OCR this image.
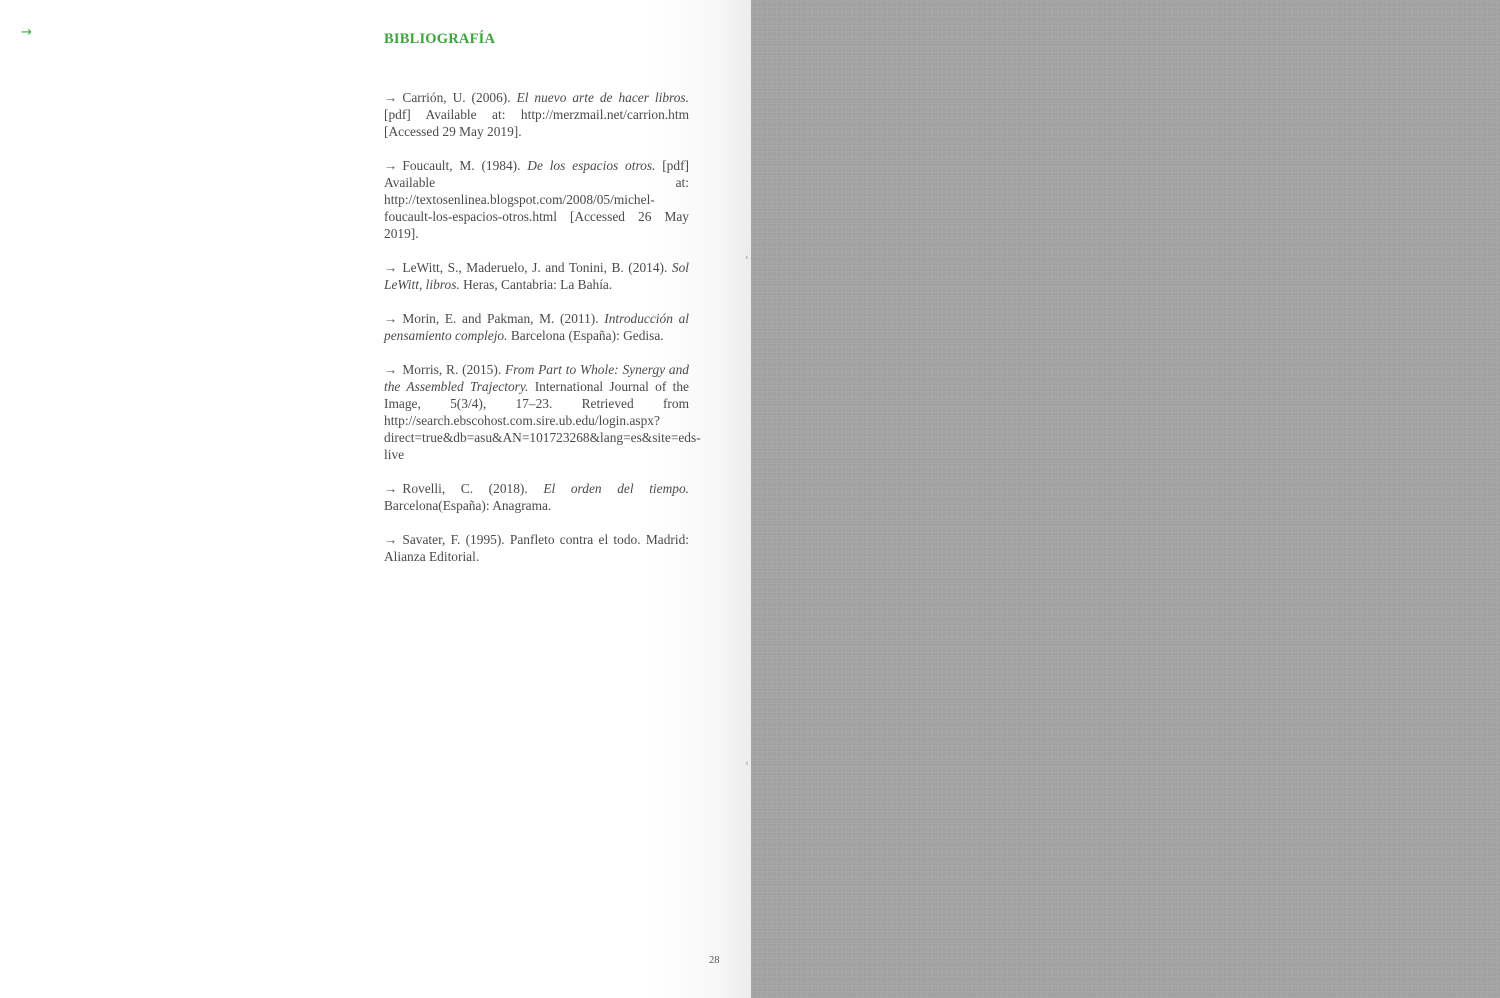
→	BIBLIOGRAFÍA
→ Carrión, U. (2006). El nuevo arte de hacer libros. [pdf] Available at: http://merzmail.net/carrion.htm [Accessed 29 May 2019].
→ Foucault, M. (1984). De los espacios otros. [pdf] Available at: http://textosenlinea.blogspot.com/2008/05/michel-foucault-los-espacios-otros.html [Accessed 26 May 2019].
→ LeWitt, S., Maderuelo, J. and Tonini, B. (2014). Sol LeWitt, libros. Heras, Cantabria: La Bahía.
→ Morin, E. and Pakman, M. (2011). Introducción al pensamiento complejo. Barcelona (España): Gedisa.
→ Morris, R. (2015). From Part to Whole: Synergy and the Assembled Trajectory. International Journal of the Image, 5(3/4), 17–23. Retrieved from http://search.ebscohost.com.sire.ub.edu/login.aspx?direct=true&db=asu&AN=101723268&lang=es&site=eds-live
→ Rovelli, C. (2018). El orden del tiempo. Barcelona(España): Anagrama.
→ Savater, F. (1995). Panfleto contra el todo. Madrid: Alianza Editorial.
28
‹
‹
